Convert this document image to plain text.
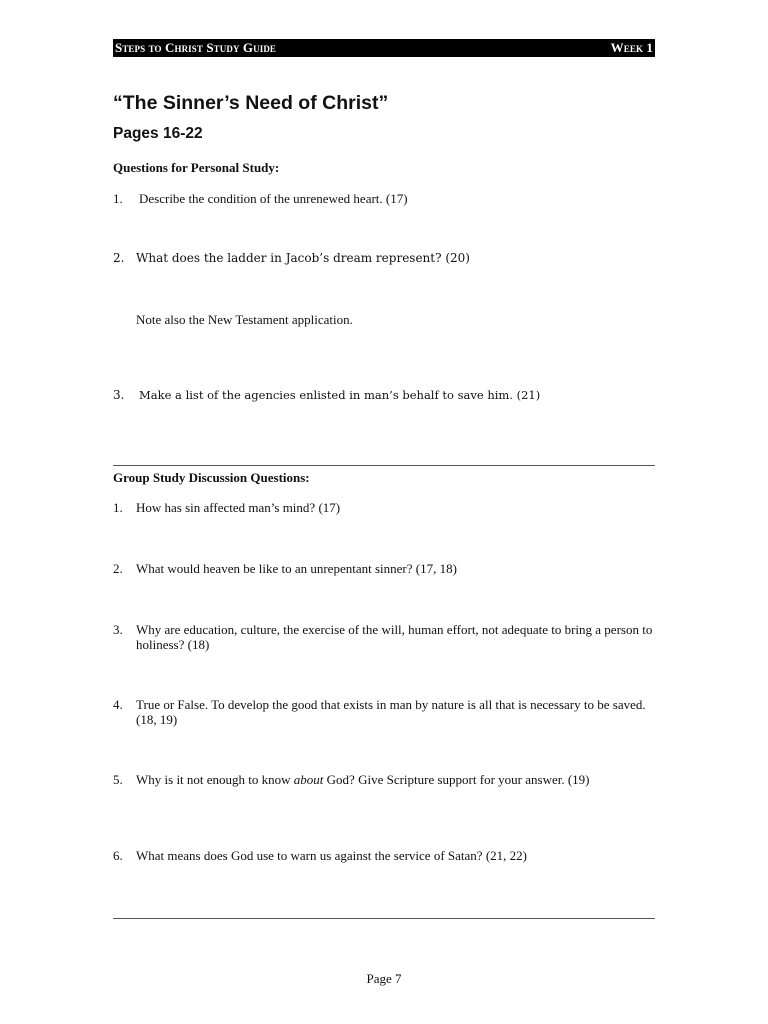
Steps to Christ Study Guide	Week 1
“The Sinner’s Need of Christ”
Pages 16-22
Questions for Personal Study:
1. Describe the condition of the unrenewed heart. (17)
2. What does the ladder in Jacob’s dream represent? (20)
Note also the New Testament application.
3. Make a list of the agencies enlisted in man’s behalf to save him. (21)
Group Study Discussion Questions:
1. How has sin affected man’s mind? (17)
2. What would heaven be like to an unrepentant sinner? (17, 18)
3. Why are education, culture, the exercise of the will, human effort, not adequate to bring a person to holiness? (18)
4. True or False. To develop the good that exists in man by nature is all that is necessary to be saved. (18, 19)
5. Why is it not enough to know about God? Give Scripture support for your answer. (19)
6. What means does God use to warn us against the service of Satan? (21, 22)
Page 7
